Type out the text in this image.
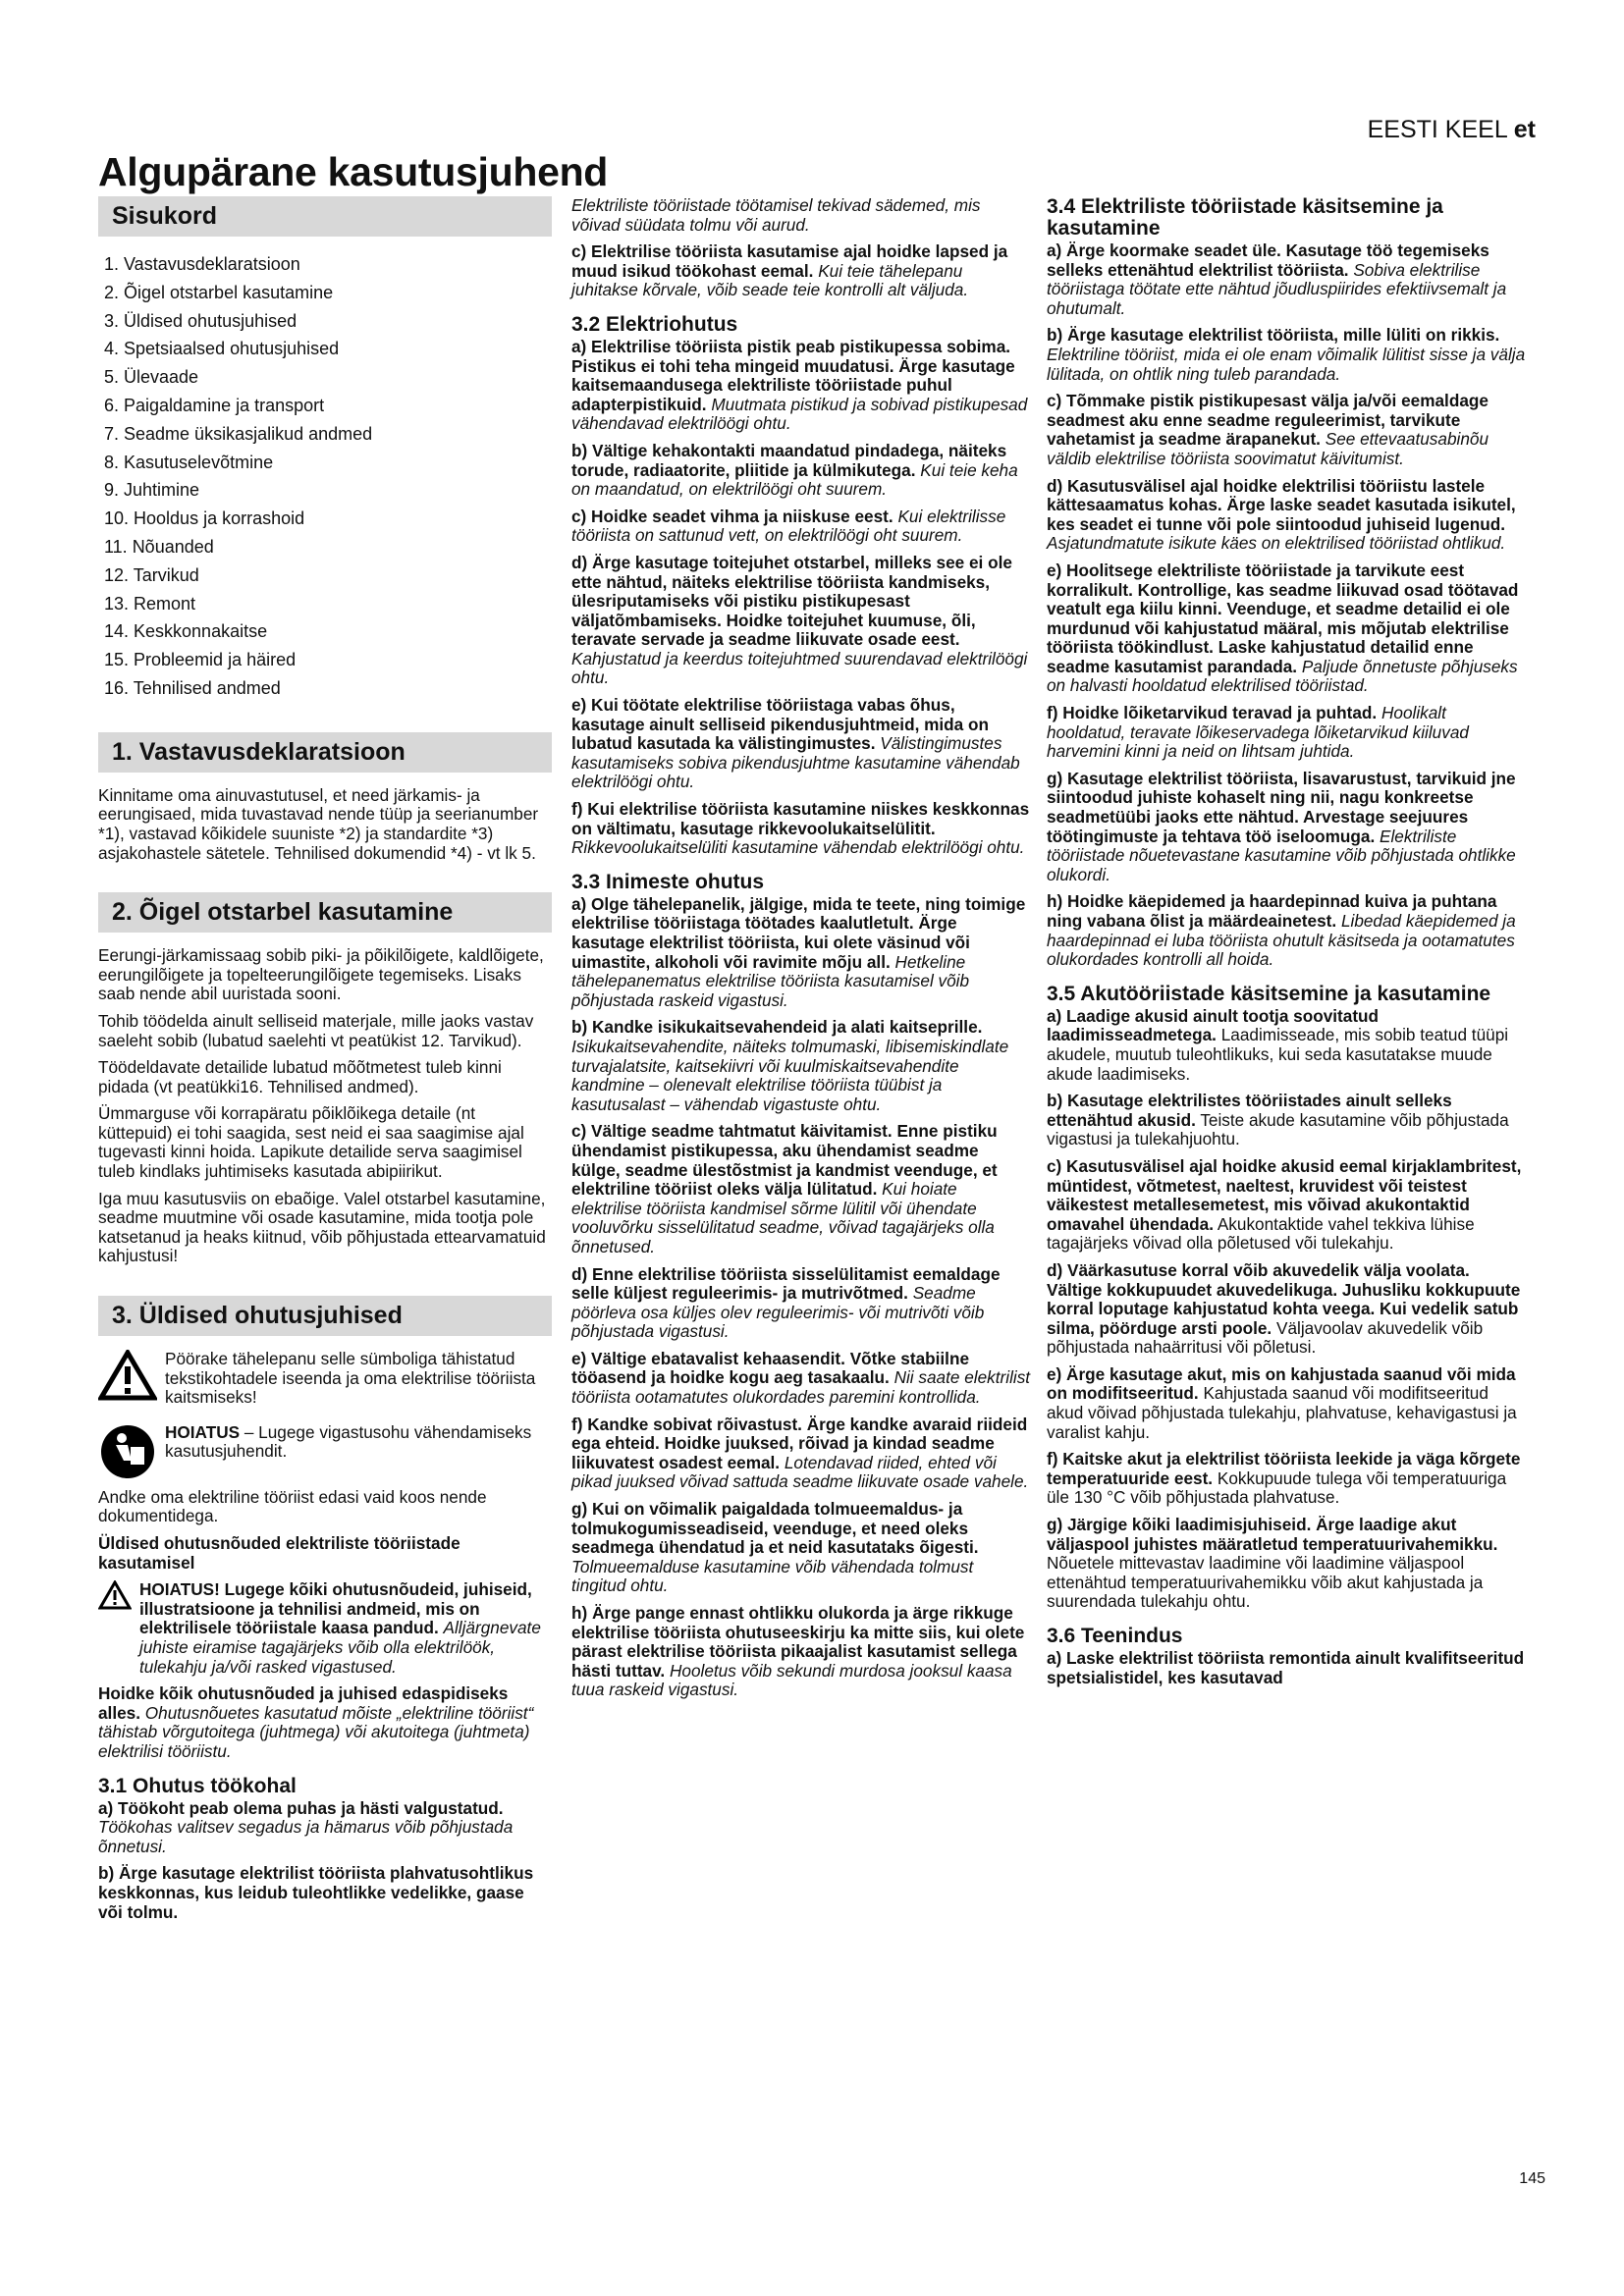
EESTI KEEL et
Algupärane kasutusjuhend
Sisukord
1. Vastavusdeklaratsioon
2. Õigel otstarbel kasutamine
3. Üldised ohutusjuhised
4. Spetsiaalsed ohutusjuhised
5. Ülevaade
6. Paigaldamine ja transport
7. Seadme üksikasjalikud andmed
8. Kasutuselevõtmine
9. Juhtimine
10. Hooldus ja korrashoid
11. Nõuanded
12. Tarvikud
13. Remont
14. Keskkonnakaitse
15. Probleemid ja häired
16. Tehnilised andmed
1. Vastavusdeklaratsioon

Kinnitame oma ainuvastutusel, et need järkamis- ja eerungisaed, mida tuvastavad nende tüüp ja seerianumber *1), vastavad kõikidele suuniste *2) ja standardite *3) asjakohastele sätetele. Tehnilised dokumendid *4) - vt lk 5.

2. Õigel otstarbel kasutamine

Eerungi-järkamissaag sobib piki- ja põikilõigete, kaldlõigete, eerungilõigete ja topelteerungilõigete tegemiseks. Lisaks saab nende abil uuristada sooni.

Tohib töödelda ainult selliseid materjale, mille jaoks vastav saeleht sobib (lubatud saelehti vt peatükist 12. Tarvikud).

Töödeldavate detailide lubatud mõõtmetest tuleb kinni pidada (vt peatükki16. Tehnilised andmed).

Ümmarguse või korrapäratu põiklõikega detaile (nt küttepuid) ei tohi saagida, sest neid ei saa saagimise ajal tugevasti kinni hoida. Lapikute detailide serva saagimisel tuleb kindlaks juhtimiseks kasutada abipiirikut.

Iga muu kasutusviis on ebaõige. Valel otstarbel kasutamine, seadme muutmine või osade kasutamine, mida tootja pole katsetanud ja heaks kiitnud, võib põhjustada ettearvamatuid kahjustusi!

3. Üldised ohutusjuhised

Pöörake tähelepanu selle sümboliga tähistatud tekstikohtadele iseenda ja oma elektrilise tööriista kaitsmiseks!

HOIATUS – Lugege vigastusohu vähendamiseks kasutusjuhendit.

Andke oma elektriline tööriist edasi vaid koos nende dokumentidega.

Üldised ohutusnõuded elektriliste tööriistade kasutamisel

HOIATUS! Lugege kõiki ohutusnõudeid, juhiseid, illustratsioone ja tehnilisi andmeid, mis on elektrilisele tööriistale kaasa pandud. Alljärgnevate juhiste eiramise tagajärjeks võib olla elektrilöök, tulekahju ja/või rasked vigastused.

Hoidke kõik ohutusnõuded ja juhised edaspidiseks alles. Ohutusnõuetes kasutatud mõiste „elektriline tööriist“ tähistab võrgutoitega (juhtmega) või akutoitega (juhtmeta) elektrilisi tööriistu.

3.1 Ohutus töökohal

a) Töökoht peab olema puhas ja hästi valgustatud. Töökohas valitsev segadus ja hämarus võib põhjustada õnnetusi.

b) Ärge kasutage elektrilist tööriista plahvatusohtlikus keskkonnas, kus leidub tuleohtlikke vedelikke, gaase või tolmu.

Elektriliste tööriistade töötamisel tekivad sädemed, mis võivad süüdata tolmu või aurud.

c) Elektrilise tööriista kasutamise ajal hoidke lapsed ja muud isikud töökohast eemal. Kui teie tähelepanu juhitakse kõrvale, võib seade teie kontrolli alt väljuda.

3.2 Elektriohutus

a) Elektrilise tööriista pistik peab pistikupessa sobima. Pistikus ei tohi teha mingeid muudatusi. Ärge kasutage kaitsemaandusega elektriliste tööriistade puhul adapterpistikuid. Muutmata pistikud ja sobivad pistikupesad vähendavad elektrilöögi ohtu.

b) Vältige kehakontakti maandatud pindadega, näiteks torude, radiaatorite, pliitide ja külmikutega. Kui teie keha on maandatud, on elektrilöögi oht suurem.

c) Hoidke seadet vihma ja niiskuse eest. Kui elektrilisse tööriista on sattunud vett, on elektrilöögi oht suurem.

d) Ärge kasutage toitejuhet otstarbel, milleks see ei ole ette nähtud, näiteks elektrilise tööriista kandmiseks, ülesriputamiseks või pistiku pistikupesast väljatõmbamiseks. Hoidke toitejuhet kuumuse, õli, teravate servade ja seadme liikuvate osade eest. Kahjustatud ja keerdus toitejuhtmed suurendavad elektrilöögi ohtu.

e) Kui töötate elektrilise tööriistaga vabas õhus, kasutage ainult selliseid pikendusjuhtmeid, mida on lubatud kasutada ka välistingimustes. Välistingimustes kasutamiseks sobiva pikendusjuhtme kasutamine vähendab elektrilöögi ohtu.

f) Kui elektrilise tööriista kasutamine niiskes keskkonnas on vältimatu, kasutage rikkevoolukaitselülitit. Rikkevoolukaitselüliti kasutamine vähendab elektrilöögi ohtu.

3.3 Inimeste ohutus

a) Olge tähelepanelik, jälgige, mida te teete, ning toimige elektrilise tööriistaga töötades kaalutletult. Ärge kasutage elektrilist tööriista, kui olete väsinud või uimastite, alkoholi või ravimite mõju all. Hetkeline tähelepanematus elektrilise tööriista kasutamisel võib põhjustada raskeid vigastusi.

b) Kandke isikukaitsevahendeid ja alati kaitseprille. Isikukaitsevahendite, näiteks tolmumaski, libisemiskindlate turvajalatsite, kaitsekiivri või kuulmiskaitsevahendite kandmine – olenevalt elektrilise tööriista tüübist ja kasutusalast – vähendab vigastuste ohtu.

c) Vältige seadme tahtmatut käivitamist. Enne pistiku ühendamist pistikupessa, aku ühendamist seadme külge, seadme ülestõstmist ja kandmist veenduge, et elektriline tööriist oleks välja lülitatud. Kui hoiate elektrilise tööriista kandmisel sõrme lülitil või ühendate vooluvõrku sisselülitatud seadme, võivad tagajärjeks olla õnnetused.

d) Enne elektrilise tööriista sisselülitamist eemaldage selle küljest reguleerimis- ja mutrivõtmed. Seadme pöörleva osa küljes olev reguleerimis- või mutrivõti võib põhjustada vigastusi.

e) Vältige ebatavalist kehaasendit. Võtke stabiilne tööasend ja hoidke kogu aeg tasakaalu. Nii saate elektrilist tööriista ootamatutes olukordades paremini kontrollida.

f) Kandke sobivat rõivastust. Ärge kandke avaraid riideid ega ehteid. Hoidke juuksed, rõivad ja kindad seadme liikuvatest osadest eemal. Lotendavad riided, ehted või pikad juuksed võivad sattuda seadme liikuvate osade vahele.

g) Kui on võimalik paigaldada tolmueemaldus- ja tolmukogumisseadiseid, veenduge, et need oleks seadmega ühendatud ja et neid kasutataks õigesti. Tolmueemalduse kasutamine võib vähendada tolmust tingitud ohtu.

h) Ärge pange ennast ohtlikku olukorda ja ärge rikkuge elektrilise tööriista ohutuseeskirju ka mitte siis, kui olete pärast elektrilise tööriista pikaajalist kasutamist sellega hästi tuttav. Hooletus võib sekundi murdosa jooksul kaasa tuua raskeid vigastusi.

3.4 Elektriliste tööriistade käsitsemine ja kasutamine

a) Ärge koormake seadet üle. Kasutage töö tegemiseks selleks ettenähtud elektrilist tööriista. Sobiva elektrilise tööriistaga töötate ette nähtud jõudluspiirides efektiivsemalt ja ohutumalt.

b) Ärge kasutage elektrilist tööriista, mille lüliti on rikkis. Elektriline tööriist, mida ei ole enam võimalik lülitist sisse ja välja lülitada, on ohtlik ning tuleb parandada.

c) Tõmmake pistik pistikupesast välja ja/või eemaldage seadmest aku enne seadme reguleerimist, tarvikute vahetamist ja seadme ärapanekut. See ettevaatusabinõu väldib elektrilise tööriista soovimatut käivitumist.

d) Kasutusvälisel ajal hoidke elektrilisi tööriistu lastele kättesaamatus kohas. Ärge laske seadet kasutada isikutel, kes seadet ei tunne või pole siintoodud juhiseid lugenud. Asjatundmatute isikute käes on elektrilised tööriistad ohtlikud.

e) Hoolitsege elektriliste tööriistade ja tarvikute eest korralikult. Kontrollige, kas seadme liikuvad osad töötavad veatult ega kiilu kinni. Veenduge, et seadme detailid ei ole murdunud või kahjustatud määral, mis mõjutab elektrilise tööriista töökindlust. Laske kahjustatud detailid enne seadme kasutamist parandada. Paljude õnnetuste põhjuseks on halvasti hooldatud elektrilised tööriistad.

f) Hoidke lõiketarvikud teravad ja puhtad. Hoolikalt hooldatud, teravate lõikeservadega lõiketarvikud kiiluvad harvemini kinni ja neid on lihtsam juhtida.

g) Kasutage elektrilist tööriista, lisavarustust, tarvikuid jne siintoodud juhiste kohaselt ning nii, nagu konkreetse seadmetüübi jaoks ette nähtud. Arvestage seejuures töötingimuste ja tehtava töö iseloomuga. Elektriliste tööriistade nõuetevastane kasutamine võib põhjustada ohtlikke olukordi.

h) Hoidke käepidemed ja haardepinnad kuiva ja puhtana ning vabana õlist ja määrdeainetest. Libedad käepidemed ja haardepinnad ei luba tööriista ohutult käsitseda ja ootamatutes olukordades kontrolli all hoida.

3.5 Akutööriistade käsitsemine ja kasutamine

a) Laadige akusid ainult tootja soovitatud laadimisseadmetega. Laadimisseade, mis sobib teatud tüüpi akudele, muutub tuleohtlikuks, kui seda kasutatakse muude akude laadimiseks.

b) Kasutage elektrilistes tööriistades ainult selleks ettenähtud akusid. Teiste akude kasutamine võib põhjustada vigastusi ja tulekahjuohtu.

c) Kasutusvälisel ajal hoidke akusid eemal kirjaklambritest, müntidest, võtmetest, naeltest, kruvidest või teistest väikestest metallesemetest, mis võivad akukontaktid omavahel ühendada. Akukontaktide vahel tekkiva lühise tagajärjeks võivad olla põletused või tulekahju.

d) Väärkasutuse korral võib akuvedelik välja voolata. Vältige kokkupuudet akuvedelikuga. Juhusliku kokkupuute korral loputage kahjustatud kohta veega. Kui vedelik satub silma, pöörduge arsti poole. Väljavoolav akuvedelik võib põhjustada nahaärritusi või põletusi.

e) Ärge kasutage akut, mis on kahjustada saanud või mida on modifitseeritud. Kahjustada saanud või modifitseeritud akud võivad põhjustada tulekahju, plahvatuse, kehavigastusi ja varalist kahju.

f) Kaitske akut ja elektrilist tööriista leekide ja väga kõrgete temperatuuride eest. Kokkupuude tulega või temperatuuriga üle 130 °C võib põhjustada plahvatuse.

g) Järgige kõiki laadimisjuhiseid. Ärge laadige akut väljaspool juhistes määratletud temperatuurivahemikku. Nõuetele mittevastav laadimine või laadimine väljaspool ettenähtud temperatuurivahemikku võib akut kahjustada ja suurendada tulekahju ohtu.

3.6 Teenindus

a) Laske elektrilist tööriista remontida ainult kvalifitseeritud spetsialistidel, kes kasutavad

145
